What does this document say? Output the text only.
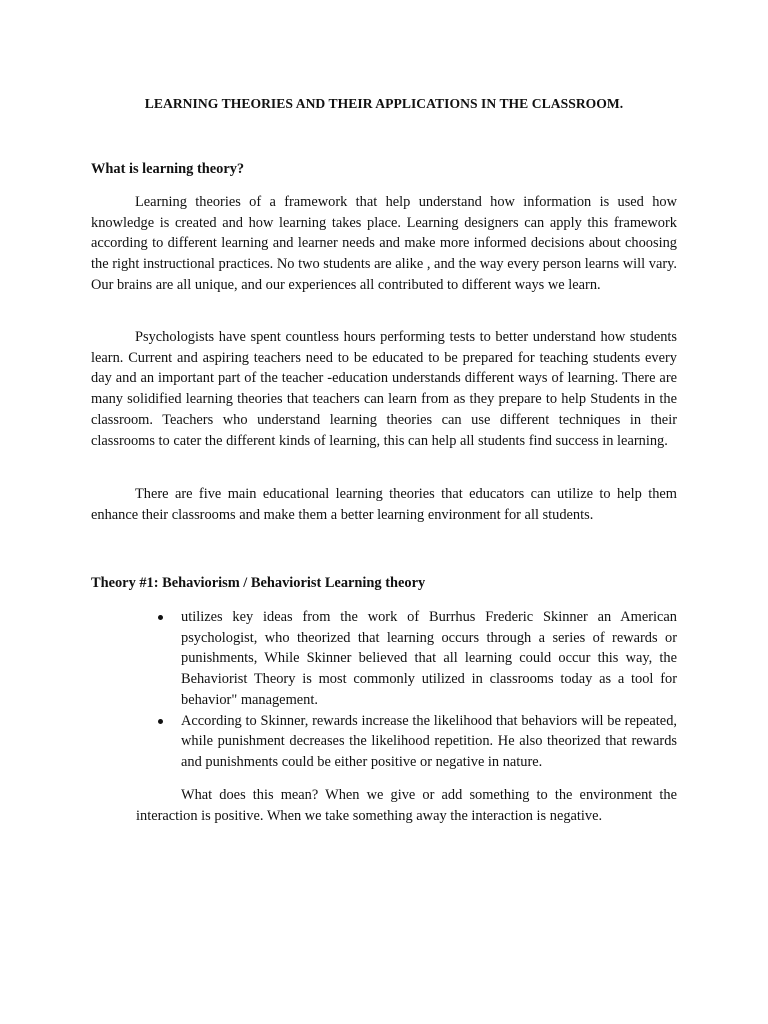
LEARNING THEORIES AND THEIR APPLICATIONS IN THE CLASSROOM.
What is learning theory?

Learning theories of a framework that help understand how information is used how knowledge is created and how learning takes place. Learning designers can apply this framework according to different learning and learner needs and make more informed decisions about choosing the right instructional practices. No two students are alike , and the way every person learns will vary. Our brains are all unique, and our experiences all contributed to different ways we learn.

Psychologists have spent countless hours performing tests to better understand how students learn. Current and aspiring teachers need to be educated to be prepared for teaching students every day and an important part of the teacher -education understands different ways of learning. There are many solidified learning theories that teachers can learn from as they prepare to help Students in the classroom. Teachers who understand learning theories can use different techniques in their classrooms to cater the different kinds of learning, this can help all students find success in learning.

There are five main educational learning theories that educators can utilize to help them enhance their classrooms and make them a better learning environment for all students.

Theory #1: Behaviorism / Behaviorist Learning theory
utilizes key ideas from the work of Burrhus Frederic Skinner an American psychologist, who theorized that learning occurs through a series of rewards or punishments, While Skinner believed that all learning could occur this way, the Behaviorist Theory is most commonly utilized in classrooms today as a tool for behavior" management.
According to Skinner, rewards increase the likelihood that behaviors will be repeated, while punishment decreases the likelihood repetition. He also theorized that rewards and punishments could be either positive or negative in nature.

What does this mean? When we give or add something to the environment the interaction is positive. When we take something away the interaction is negative.
